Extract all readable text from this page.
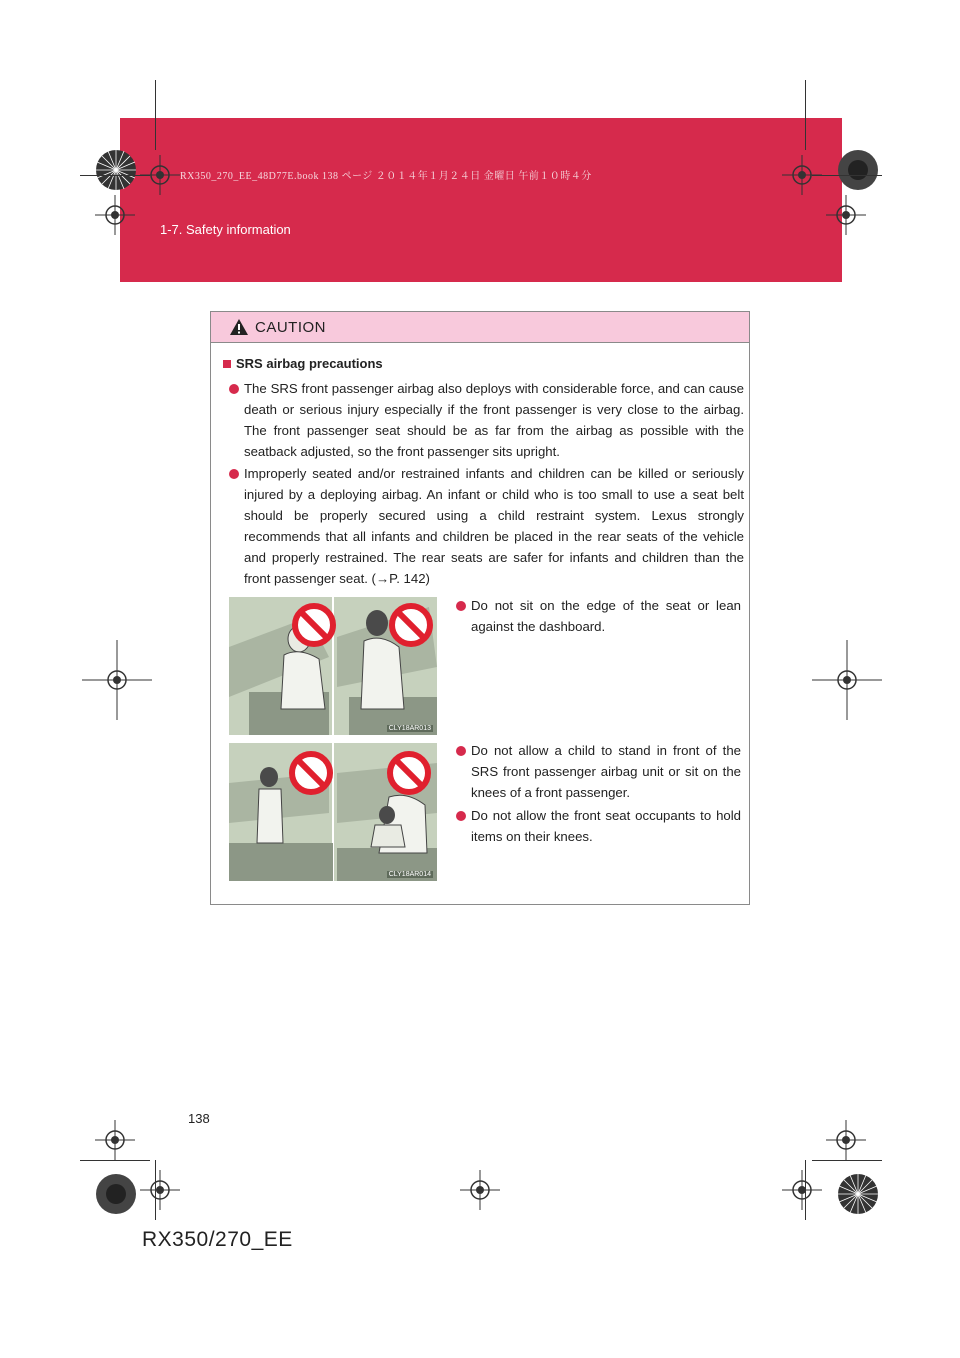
RX350_270_EE_48D77E.book 138 ページ ２０１４年１月２４日 金曜日 午前１０時４分
1-7. Safety information
CAUTION
SRS airbag precautions
The SRS front passenger airbag also deploys with considerable force, and can cause death or serious injury especially if the front passenger is very close to the airbag. The front passenger seat should be as far from the airbag as possible with the seatback adjusted, so the front passenger sits upright.
Improperly seated and/or restrained infants and children can be killed or seriously injured by a deploying airbag. An infant or child who is too small to use a seat belt should be properly secured using a child restraint system. Lexus strongly recommends that all infants and children be placed in the rear seats of the vehicle and properly restrained. The rear seats are safer for infants and children than the front passenger seat. (→P. 142)
CLY18AR013
Do not sit on the edge of the seat or lean against the dashboard.
CLY18AR014
Do not allow a child to stand in front of the SRS front passenger airbag unit or sit on the knees of a front passenger.
Do not allow the front seat occupants to hold items on their knees.
138
RX350/270_EE
